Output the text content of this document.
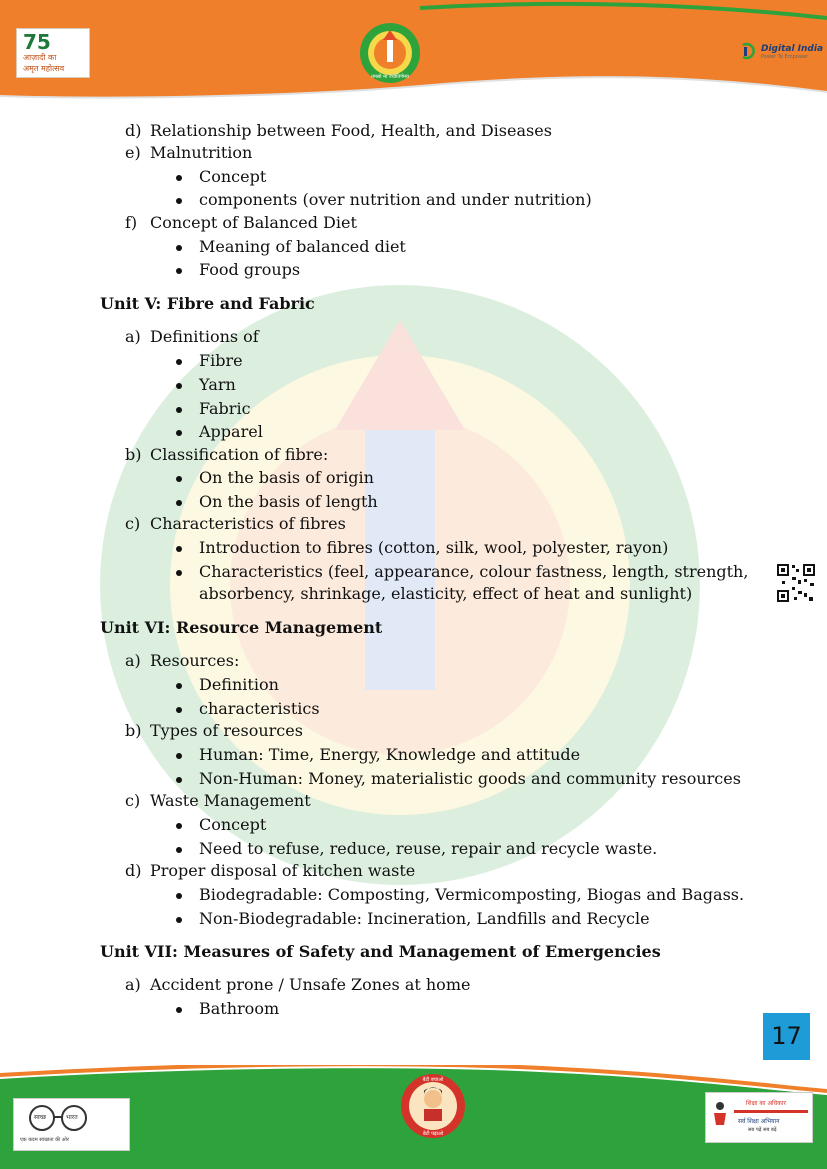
75
आज़ादी का
अमृत महोत्सव
तमसो मा ज्योतिर्गमय
Digital India
Power To Empower
d) Relationship between Food, Health, and Diseases
e) Malnutrition
Concept
components (over nutrition and under nutrition)
f) Concept of Balanced Diet
Meaning of balanced diet
Food groups
Unit V: Fibre and Fabric
a) Definitions of
Fibre
Yarn
Fabric
Apparel
b) Classification of fibre:
On the basis of origin
On the basis of length
c) Characteristics of fibres
Introduction to fibres (cotton, silk, wool, polyester, rayon)
Characteristics (feel, appearance, colour fastness, length, strength,
absorbency, shrinkage, elasticity, effect of heat and sunlight)
Unit VI: Resource Management
a) Resources:
Definition
characteristics
b) Types of resources
Human: Time, Energy, Knowledge and attitude
Non-Human: Money, materialistic goods and community resources
c) Waste Management
Concept
Need to refuse, reduce, reuse, repair and recycle waste.
d) Proper disposal of kitchen waste
Biodegradable: Composting, Vermicomposting, Biogas and Bagass.
Non-Biodegradable: Incineration, Landfills and Recycle
Unit VII: Measures of Safety and Management of Emergencies
a) Accident prone / Unsafe Zones at home
Bathroom
17
स्वच्छ	भारत
एक कदम स्वच्छता की ओर
बेटी बचाओ
बेटी पढ़ाओ
शिक्षा का अधिकार
सर्व शिक्षा अभियान
सब पढ़ें सब बढ़ें
